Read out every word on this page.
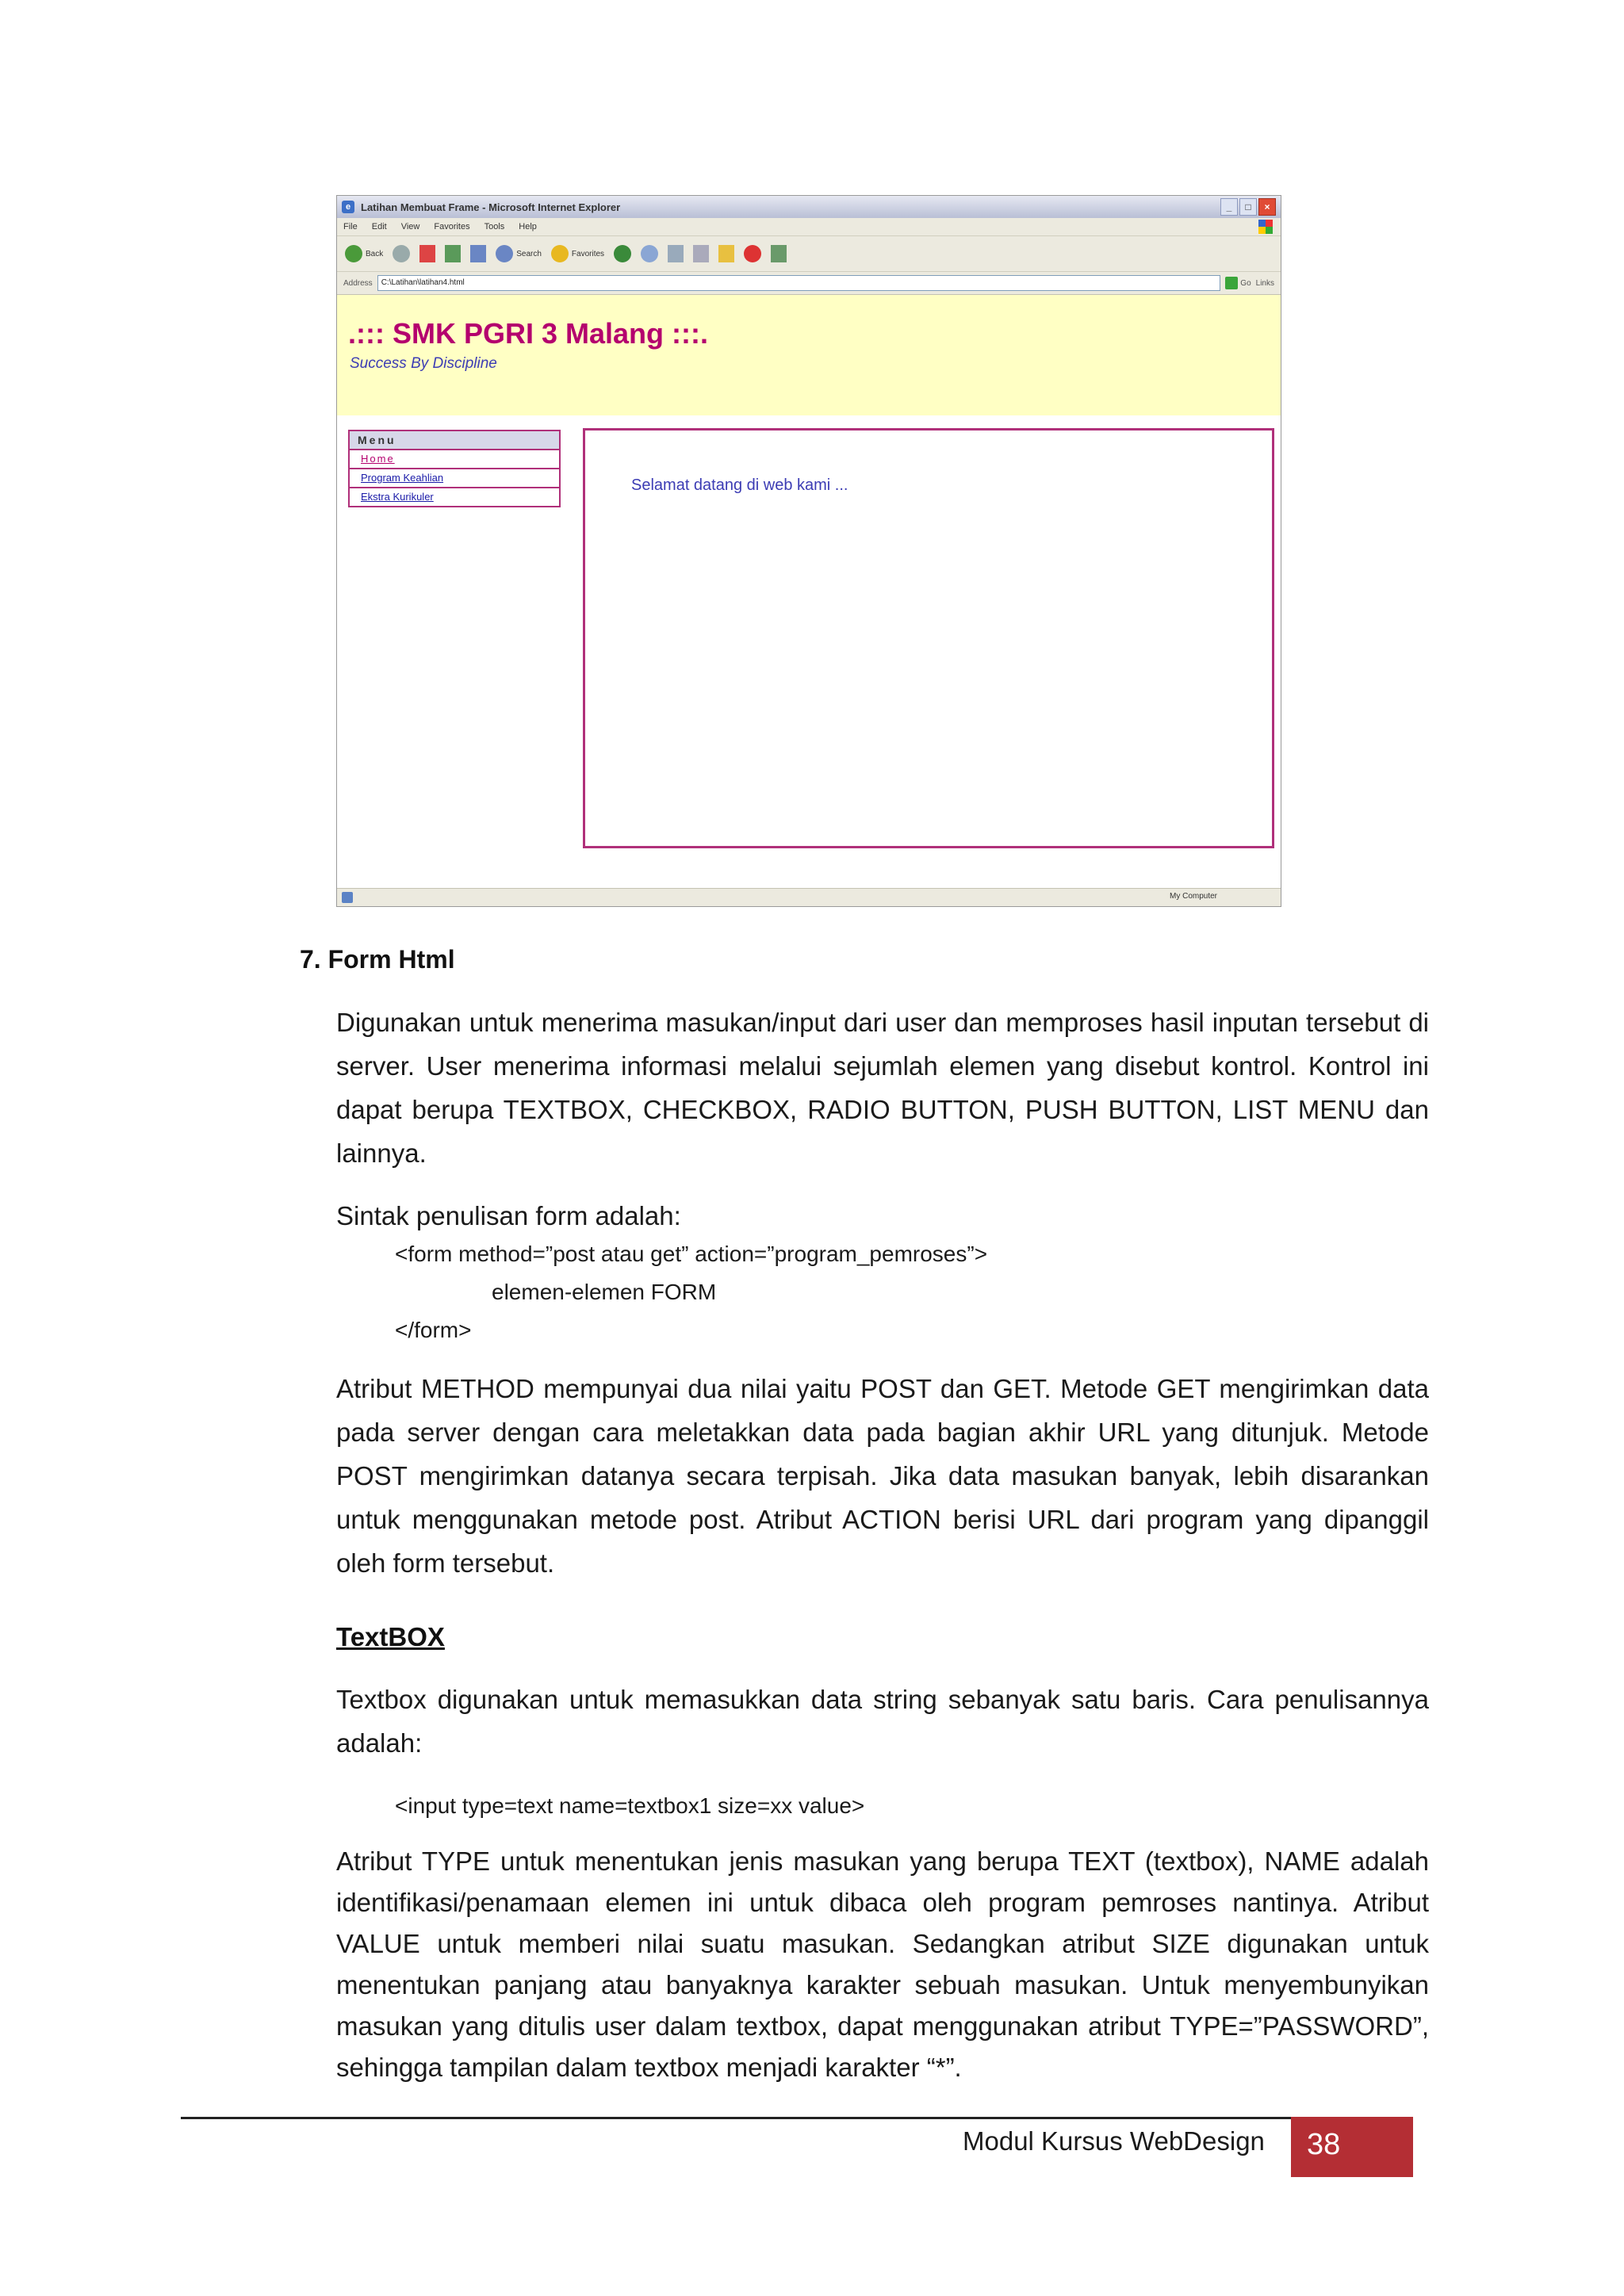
e Latihan Membuat Frame - Microsoft Internet Explorer	_	□	×
File Edit View Favorites Tools Help
Back	Search	Favorites
Address	C:\Latihan\latihan4.html	Go Links
.::: SMK PGRI 3 Malang :::.
Success By Discipline
Menu
Home
Program Keahlian
Ekstra Kurikuler
Selamat datang di web kami ...
My Computer
7. Form Html
Digunakan untuk menerima masukan/input dari user dan memproses hasil inputan tersebut di server. User menerima informasi melalui sejumlah elemen yang disebut kontrol. Kontrol ini dapat berupa TEXTBOX, CHECKBOX, RADIO BUTTON, PUSH BUTTON, LIST MENU dan lainnya.
Sintak penulisan form adalah:
<form method=”post atau get” action=”program_pemroses”>
elemen-elemen FORM
</form>
Atribut METHOD mempunyai dua nilai yaitu POST dan GET. Metode GET mengirimkan data pada server dengan cara meletakkan data pada bagian akhir URL yang ditunjuk. Metode POST mengirimkan datanya secara terpisah. Jika data masukan banyak, lebih disarankan untuk menggunakan metode post. Atribut ACTION berisi URL dari program yang dipanggil oleh form tersebut.
TextBOX
Textbox digunakan untuk memasukkan data string sebanyak satu baris. Cara penulisannya adalah:
<input type=text name=textbox1 size=xx value>
Atribut TYPE untuk menentukan jenis masukan yang berupa TEXT (textbox), NAME adalah identifikasi/penamaan elemen ini untuk dibaca oleh program pemroses nantinya. Atribut VALUE untuk memberi nilai suatu masukan. Sedangkan atribut SIZE digunakan untuk menentukan panjang atau banyaknya karakter sebuah masukan. Untuk menyembunyikan masukan yang ditulis user dalam textbox, dapat menggunakan atribut TYPE=”PASSWORD”, sehingga tampilan dalam textbox menjadi karakter “*”.
Modul Kursus WebDesign 38
